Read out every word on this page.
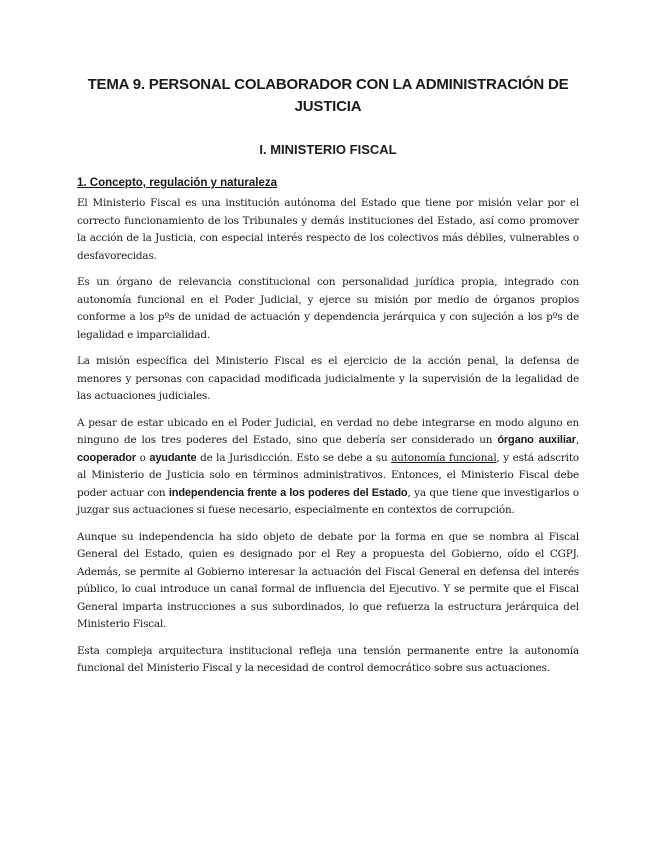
TEMA 9. PERSONAL COLABORADOR CON LA ADMINISTRACIÓN DE JUSTICIA
I. MINISTERIO FISCAL
1. Concepto, regulación y naturaleza

El Ministerio Fiscal es una institución autónoma del Estado que tiene por misión velar por el correcto funcionamiento de los Tribunales y demás instituciones del Estado, así como promover la acción de la Justicia, con especial interés respecto de los colectivos más débiles, vulnerables o desfavorecidas.

Es un órgano de relevancia constitucional con personalidad jurídica propia, integrado con autonomía funcional en el Poder Judicial, y ejerce su misión por medio de órganos propios conforme a los pºs de unidad de actuación y dependencia jerárquica y con sujeción a los pºs de legalidad e imparcialidad.

La misión específica del Ministerio Fiscal es el ejercicio de la acción penal, la defensa de menores y personas con capacidad modificada judicialmente y la supervisión de la legalidad de las actuaciones judiciales.

A pesar de estar ubicado en el Poder Judicial, en verdad no debe integrarse en modo alguno en ninguno de los tres poderes del Estado, sino que debería ser considerado un órgano auxiliar, cooperador o ayudante de la Jurisdicción. Esto se debe a su autonomía funcional, y está adscrito al Ministerio de Justicia solo en términos administrativos. Entonces, el Ministerio Fiscal debe poder actuar con independencia frente a los poderes del Estado, ya que tiene que investigarlos o juzgar sus actuaciones si fuese necesario, especialmente en contextos de corrupción.

Aunque su independencia ha sido objeto de debate por la forma en que se nombra al Fiscal General del Estado, quien es designado por el Rey a propuesta del Gobierno, oído el CGPJ. Además, se permite al Gobierno interesar la actuación del Fiscal General en defensa del interés público, lo cual introduce un canal formal de influencia del Ejecutivo. Y se permite que el Fiscal General imparta instrucciones a sus subordinados, lo que refuerza la estructura jerárquica del Ministerio Fiscal.

Esta compleja arquitectura institucional refleja una tensión permanente entre la autonomía funcional del Ministerio Fiscal y la necesidad de control democrático sobre sus actuaciones.
